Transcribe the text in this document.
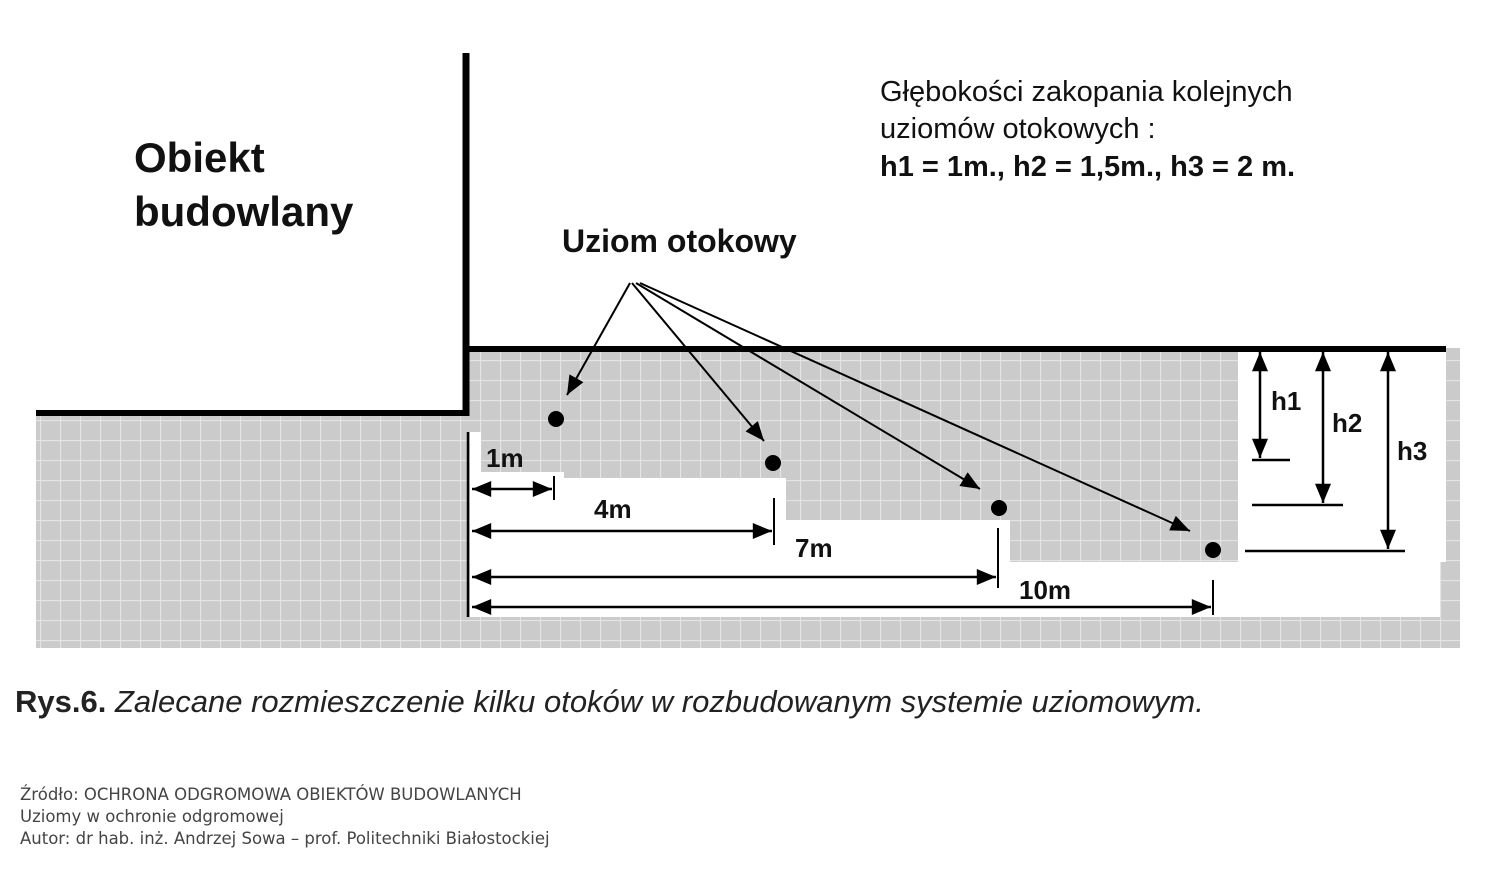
Obiekt
budowlany
Głębokości zakopania kolejnych
uziomów otokowych :
h1 = 1m., h2 = 1,5m., h3 = 2 m.
Uziom otokowy
1m
4m
7m
10m
h1
h2
h3
Rys.6. Zalecane rozmieszczenie kilku otoków w rozbudowanym systemie uziomowym.
Źródło: OCHRONA ODGROMOWA OBIEKTÓW BUDOWLANYCH
Uziomy w ochronie odgromowej
Autor: dr hab. inż. Andrzej Sowa – prof. Politechniki Białostockiej
